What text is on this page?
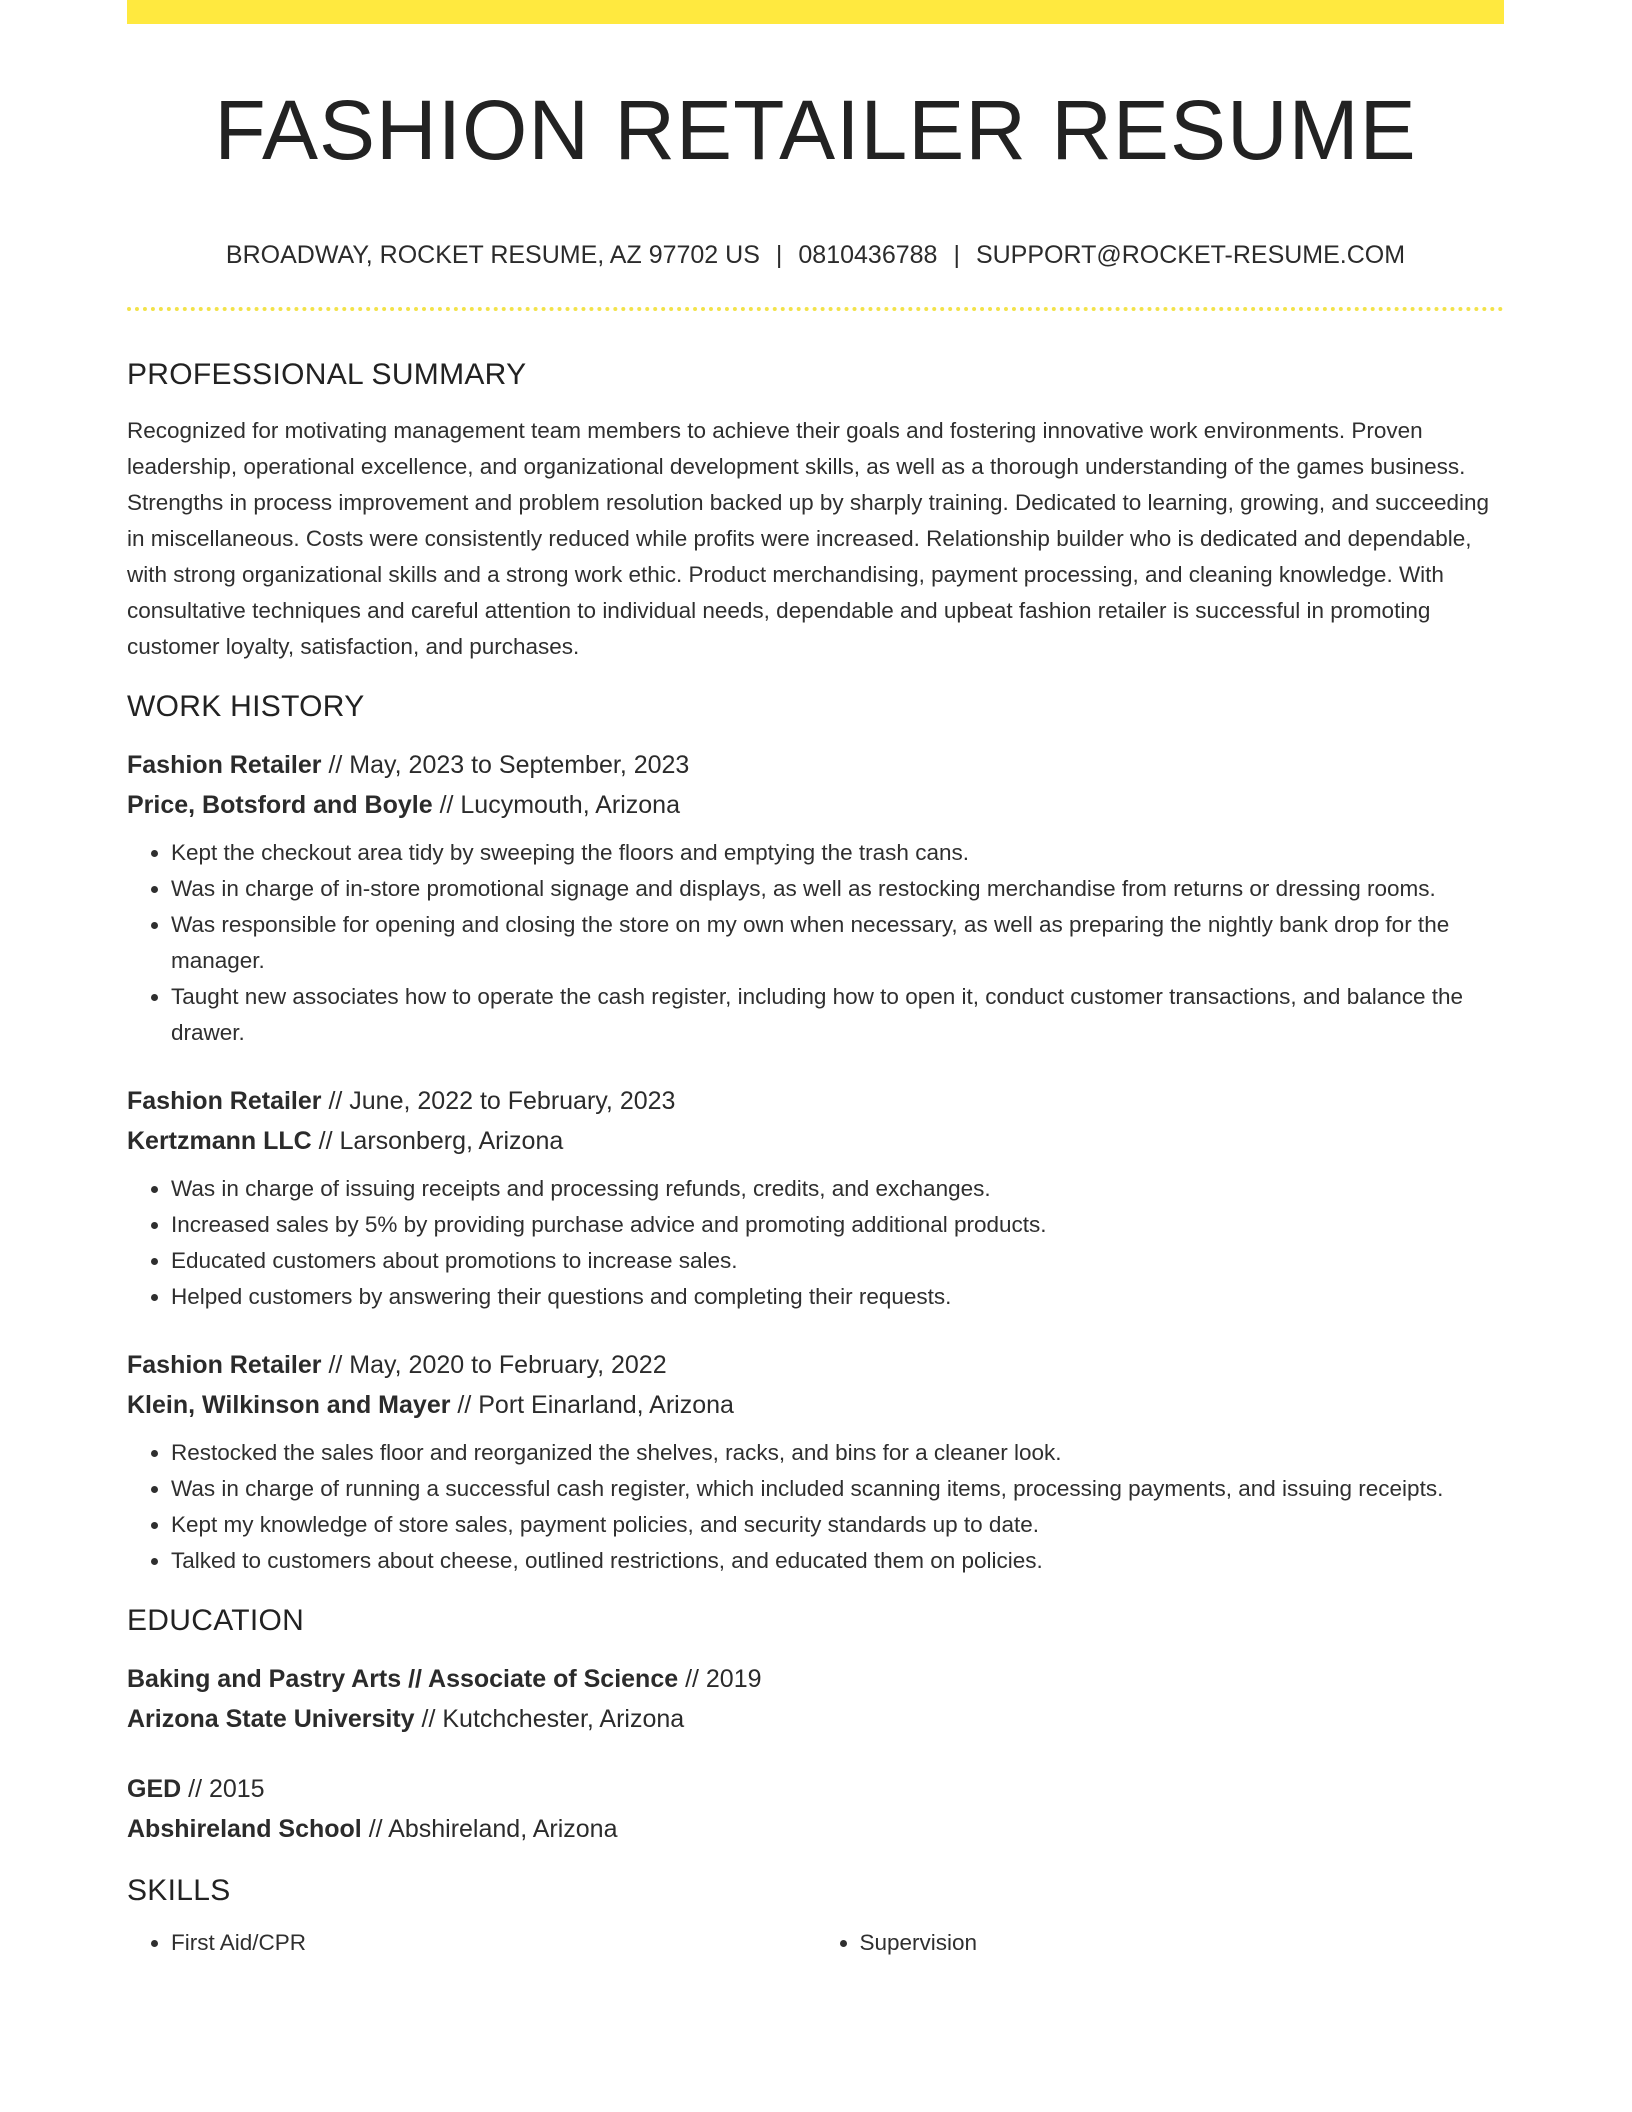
FASHION RETAILER RESUME
BROADWAY, ROCKET RESUME, AZ 97702 US | 0810436788 | SUPPORT@ROCKET-RESUME.COM
PROFESSIONAL SUMMARY

Recognized for motivating management team members to achieve their goals and fostering innovative work environments. Proven leadership, operational excellence, and organizational development skills, as well as a thorough understanding of the games business. Strengths in process improvement and problem resolution backed up by sharply training. Dedicated to learning, growing, and succeeding in miscellaneous. Costs were consistently reduced while profits were increased. Relationship builder who is dedicated and dependable, with strong organizational skills and a strong work ethic. Product merchandising, payment processing, and cleaning knowledge. With consultative techniques and careful attention to individual needs, dependable and upbeat fashion retailer is successful in promoting customer loyalty, satisfaction, and purchases.

WORK HISTORY
Fashion Retailer // May, 2023 to September, 2023
Price, Botsford and Boyle // Lucymouth, Arizona
• Kept the checkout area tidy by sweeping the floors and emptying the trash cans.
• Was in charge of in-store promotional signage and displays, as well as restocking merchandise from returns or dressing rooms.
• Was responsible for opening and closing the store on my own when necessary, as well as preparing the nightly bank drop for the manager.
• Taught new associates how to operate the cash register, including how to open it, conduct customer transactions, and balance the drawer.
Fashion Retailer // June, 2022 to February, 2023
Kertzmann LLC // Larsonberg, Arizona
• Was in charge of issuing receipts and processing refunds, credits, and exchanges.
• Increased sales by 5% by providing purchase advice and promoting additional products.
• Educated customers about promotions to increase sales.
• Helped customers by answering their questions and completing their requests.
Fashion Retailer // May, 2020 to February, 2022
Klein, Wilkinson and Mayer // Port Einarland, Arizona
• Restocked the sales floor and reorganized the shelves, racks, and bins for a cleaner look.
• Was in charge of running a successful cash register, which included scanning items, processing payments, and issuing receipts.
• Kept my knowledge of store sales, payment policies, and security standards up to date.
• Talked to customers about cheese, outlined restrictions, and educated them on policies.
EDUCATION
Baking and Pastry Arts // Associate of Science // 2019
Arizona State University // Kutchchester, Arizona
GED // 2015
Abshireland School // Abshireland, Arizona
SKILLS
• First Aid/CPR
•	Supervision
